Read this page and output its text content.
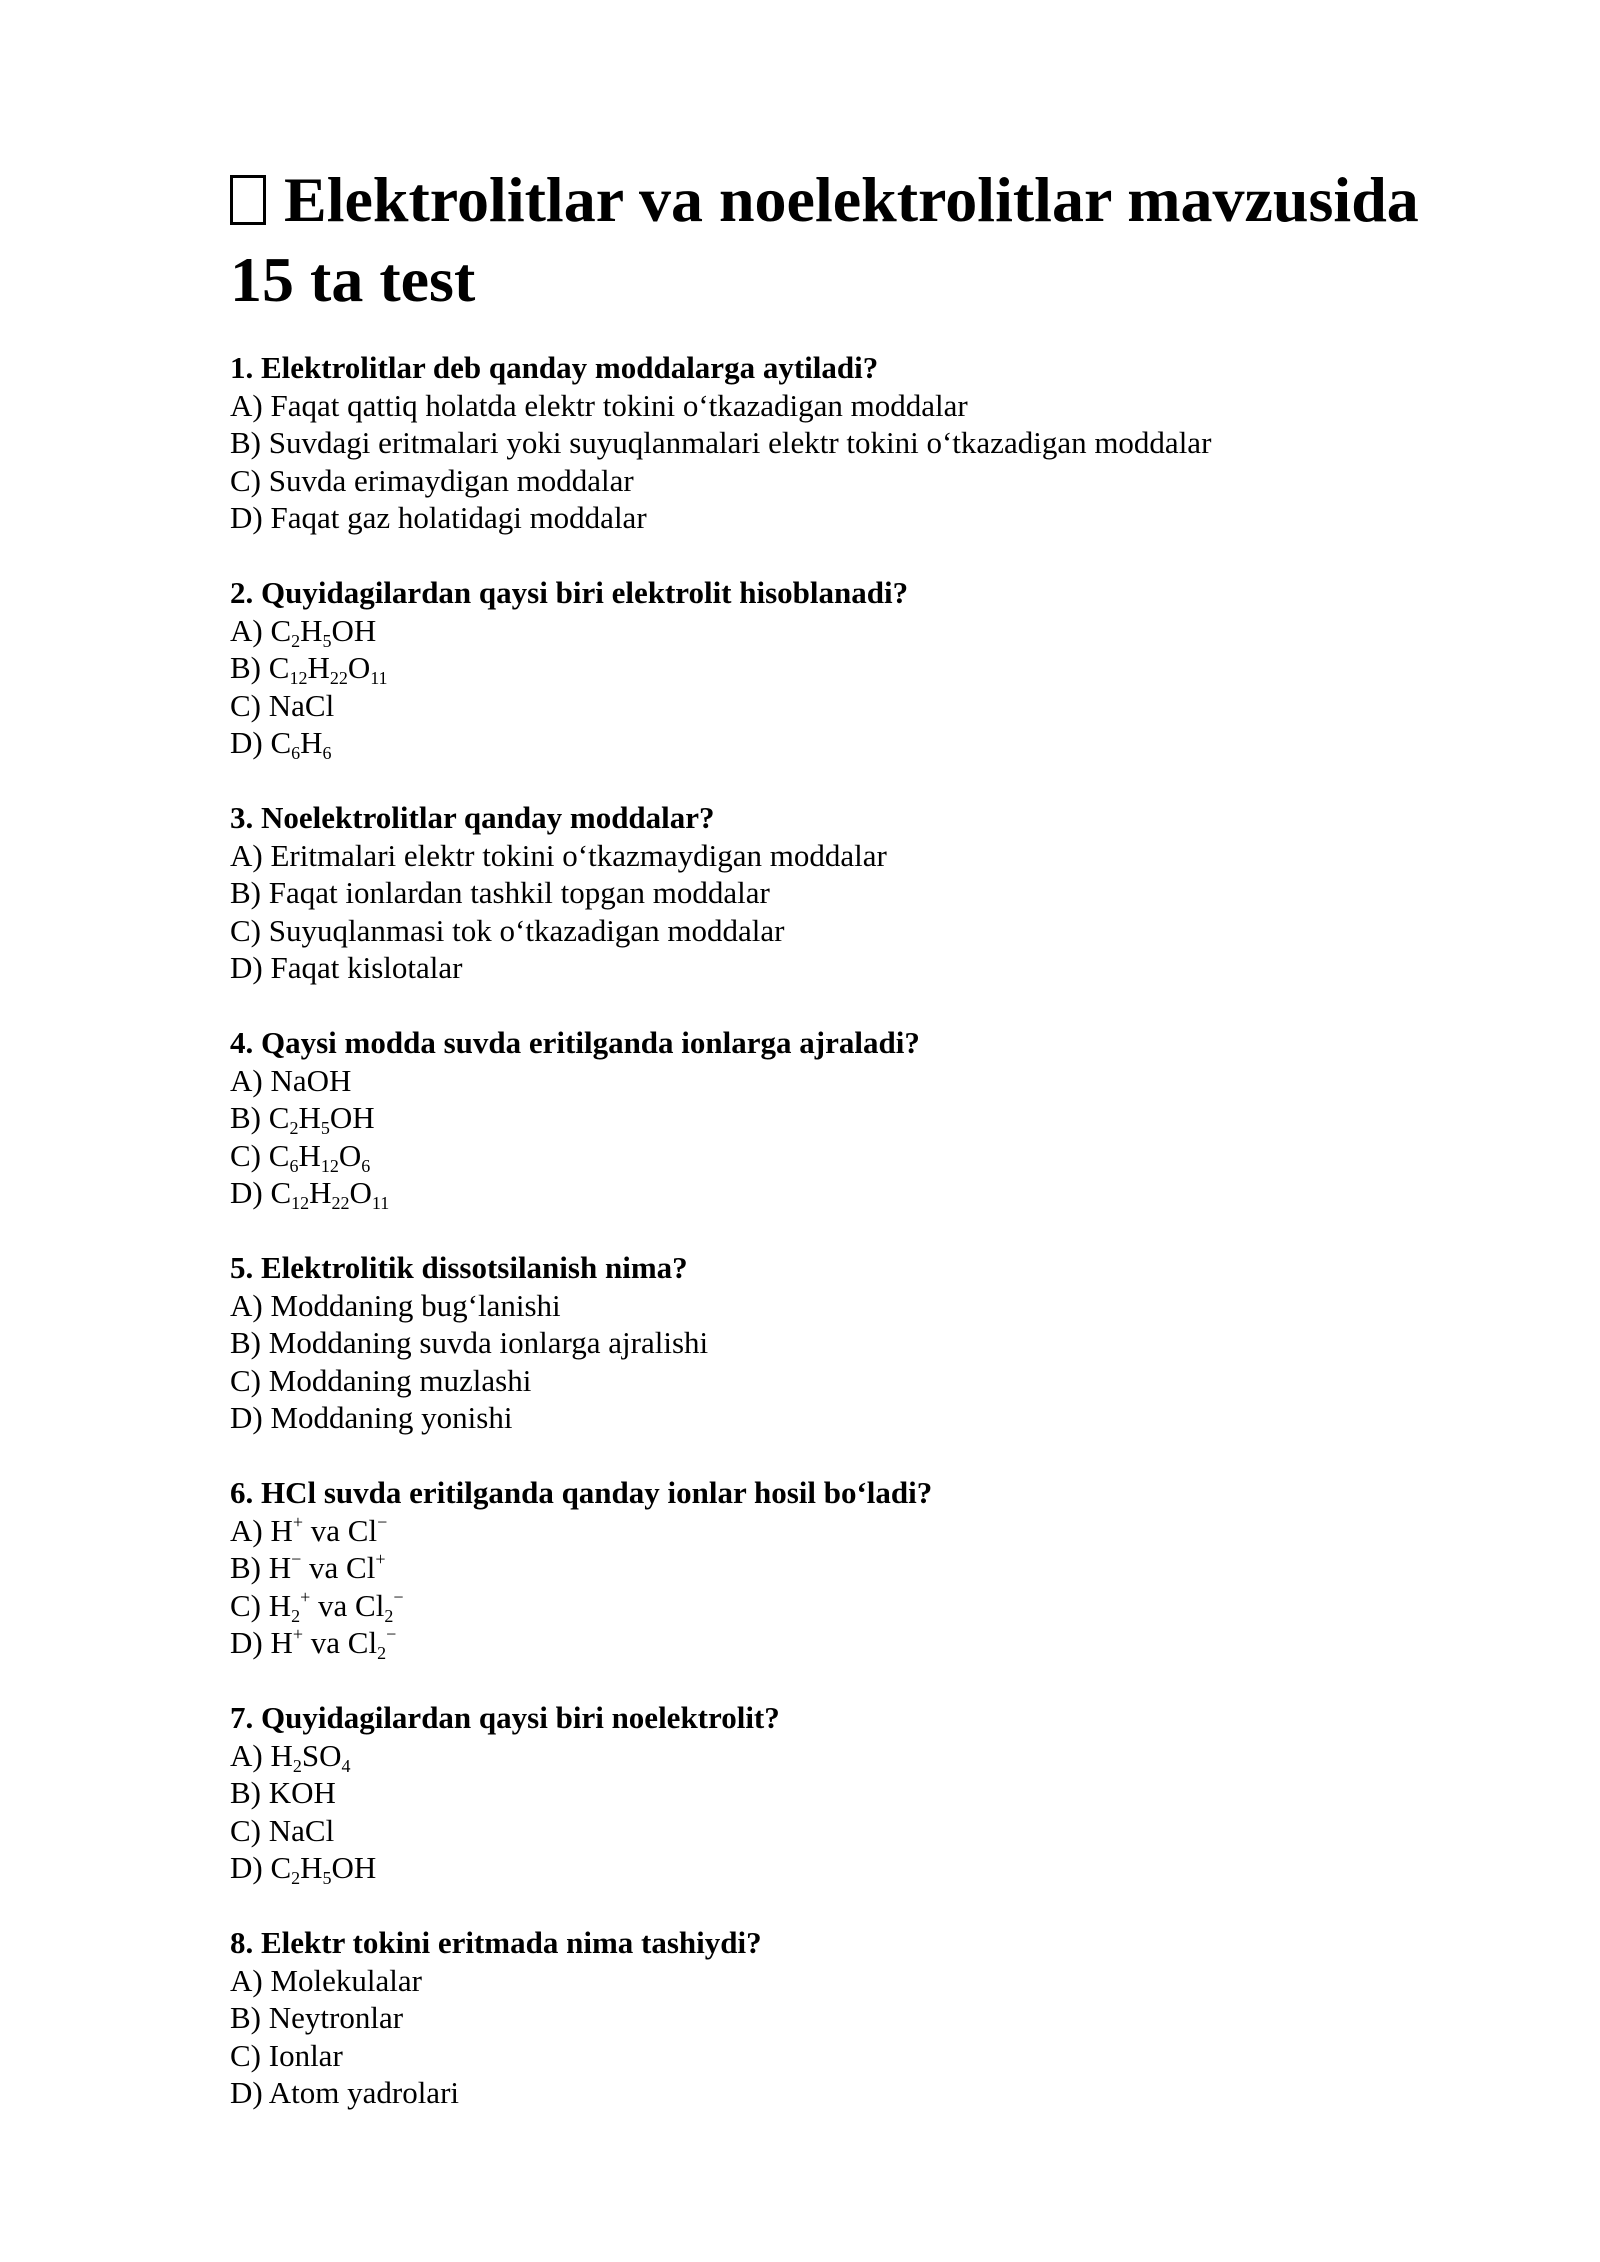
Elektrolitlar va noelektrolitlar mavzusida 15 ta test
1. Elektrolitlar deb qanday moddalarga aytiladi?
A) Faqat qattiq holatda elektr tokini o‘tkazadigan moddalar
B) Suvdagi eritmalari yoki suyuqlanmalari elektr tokini o‘tkazadigan moddalar
C) Suvda erimaydigan moddalar
D) Faqat gaz holatidagi moddalar
2. Quyidagilardan qaysi biri elektrolit hisoblanadi?
A) $C_2H_5OH$
B) $C_{12}H_{22}O_{11}$
C) NaCl
D) $C_6H_6$
3. Noelektrolitlar qanday moddalar?
A) Eritmalari elektr tokini o‘tkazmaydigan moddalar
B) Faqat ionlardan tashkil topgan moddalar
C) Suyuqlanmasi tok o‘tkazadigan moddalar
D) Faqat kislotalar
4. Qaysi modda suvda eritilganda ionlarga ajraladi?
A) NaOH
B) $C_2H_5OH$
C) $C_6H_{12}O_6$
D) $C_{12}H_{22}O_{11}$
5. Elektrolitik dissotsilanish nima?
A) Moddaning bug‘lanishi
B) Moddaning suvda ionlarga ajralishi
C) Moddaning muzlashi
D) Moddaning yonishi
6. HCl suvda eritilganda qanday ionlar hosil bo‘ladi?
A) H+ va Cl−
B) H− va Cl+
C) $H_2^+$ va $Cl_2^-$
D) H+ va $Cl_2^-$
7. Quyidagilardan qaysi biri noelektrolit?
A) $H_2SO_4$
B) KOH
C) NaCl
D) $C_2H_5OH$
8. Elektr tokini eritmada nima tashiydi?
A) Molekulalar
B) Neytronlar
C) Ionlar
D) Atom yadrolari
